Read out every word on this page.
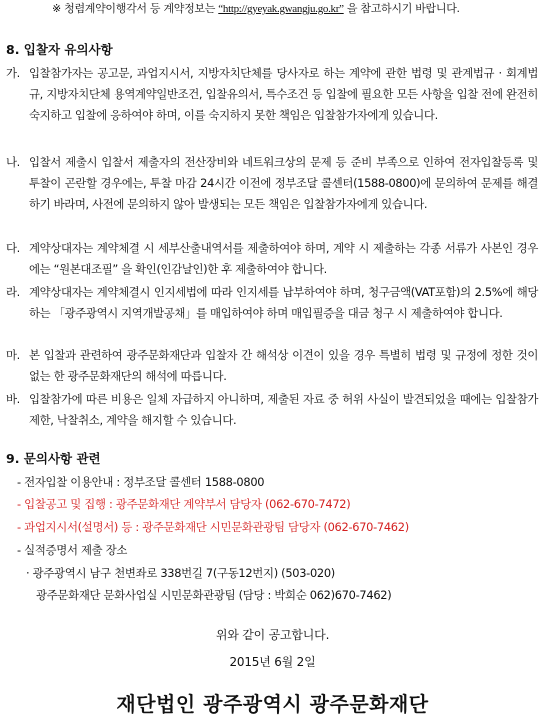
※ 청렴계약이행각서 등 계약정보는 “http://gyeyak.gwangju.go.kr” 을 참고하시기 바랍니다.
8. 입찰자 유의사항
가. 입찰참가자는 공고문, 과업지시서, 지방자치단체를 당사자로 하는 계약에 관한 법령 및 관계법규 · 회계법규, 지방자치단체 용역계약일반조건, 입찰유의서, 특수조건 등 입찰에 필요한 모든 사항을 입찰 전에 완전히 숙지하고 입찰에 응하여야 하며, 이를 숙지하지 못한 책임은 입찰참가자에게 있습니다.
나. 입찰서 제출시 입찰서 제출자의 전산장비와 네트워크상의 문제 등 준비 부족으로 인하여 전자입찰등록 및 투찰이 곤란할 경우에는, 투찰 마감 24시간 이전에 정부조달 콜센터(1588-0800)에 문의하여 문제를 해결하기 바라며, 사전에 문의하지 않아 발생되는 모든 책임은 입찰참가자에게 있습니다.
다. 계약상대자는 계약체결 시 세부산출내역서를 제출하여야 하며, 계약 시 제출하는 각종 서류가 사본인 경우에는 “원본대조필” 을 확인(인감날인)한 후 제출하여야 합니다.
라. 계약상대자는 계약체결시 인지세법에 따라 인지세를 납부하여야 하며, 청구금액(VAT포함)의 2.5%에 해당하는 「광주광역시 지역개발공채」를 매입하여야 하며 매입필증을 대금 청구 시 제출하여야 합니다.
마. 본 입찰과 관련하여 광주문화재단과 입찰자 간 해석상 이견이 있을 경우 특별히 법령 및 규정에 정한 것이 없는 한 광주문화재단의 해석에 따릅니다.
바. 입찰참가에 따른 비용은 일체 자급하지 아니하며, 제출된 자료 중 허위 사실이 발견되었을 때에는 입찰참가제한, 낙찰취소, 계약을 해지할 수 있습니다.
9. 문의사항 관련
- 전자입찰 이용안내 : 정부조달 콜센터 1588-0800
- 입찰공고 및 집행 : 광주문화재단 계약부서 담당자 (062-670-7472)
- 과업지시서(설명서) 등 : 광주문화재단 시민문화관광팀 담당자 (062-670-7462)
- 실적증명서 제출 장소
· 광주광역시 남구 천변좌로 338번길 7(구동12번지) (503-020)
광주문화재단 문화사업실 시민문화관광팀 (담당 : 박희순 062)670-7462)
위와 같이 공고합니다.
2015년 6월 2일
재단법인 광주광역시 광주문화재단
